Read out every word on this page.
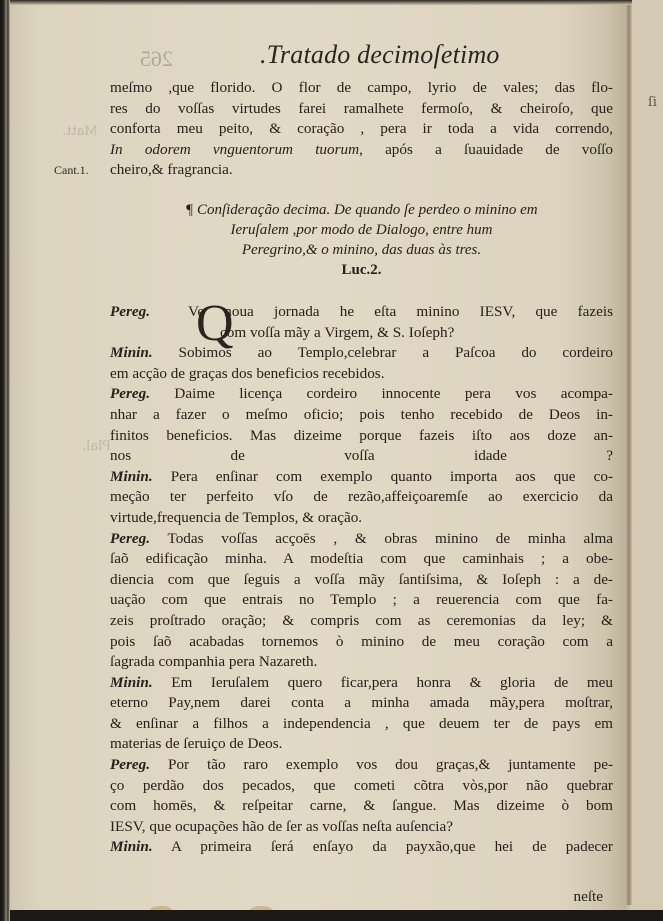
Matt.
Plal.
ſi
265	.Tratado decimoſetimo
Cant.1.
meſmo ,que florido. O flor de campo, lyrio de vales; das flo-
res do voſſas virtudes farei ramalhete fermoſo, & cheiroſo, que
conforta meu peito, & coração , pera ir toda a vida correndo,
In odorem vnguentorum tuorum, após a ſuauidade de voſſo
cheiro,& fragrancia.
¶ Conſideração decima. De quando ſe perdeo o minino em
Ieruſalem ,por modo de Dialogo, entre hum
Peregrino,& o minino, das duas às tres.
Luc.2.
Q
Pereg.    Ve noua jornada he eſta minino IESV, que fazeis
com voſſa mãy a Virgem, & S. Ioſeph?
Minin. Sobimos ao Templo,celebrar a Paſcoa do cordeiro
em acção de graças dos beneficios recebidos.
Pereg. Daime licença cordeiro innocente pera vos acompa-
nhar a fazer o meſmo oficio; pois tenho recebido de Deos in-
finitos beneficios. Mas dizeime porque fazeis iſto aos doze an-
nos de voſſa idade ?
Minin. Pera enſinar com exemplo quanto importa aos que co-
meção ter perfeito vſo de rezão,affeiçoaremſe ao exercicio da
virtude,frequencia de Templos, & oração.
Pereg. Todas voſſas acçoēs , & obras minino de minha alma
ſaõ edificação minha. A modeſtia com que caminhais ; a obe-
diencia com que ſeguis a voſſa mãy ſantiſsima, & Ioſeph : a de-
uação com que entrais no Templo ; a reuerencia com que fa-
zeis proſtrado oração; & compris com as ceremonias da ley; &
pois ſaõ acabadas tornemos ò minino de meu coração com a
ſagrada companhia pera Nazareth.
Minin. Em Ieruſalem quero ficar,pera honra & gloria de meu
eterno Pay,nem darei conta a minha amada mãy,pera moſtrar,
& enſinar a filhos a independencia , que deuem ter de pays em
materias de ſeruiço de Deos.
Pereg. Por tão raro exemplo vos dou graças,& juntamente pe-
ço perdão dos pecados, que cometi cõtra vòs,por não quebrar
com homēs, & reſpeitar carne, & ſangue. Mas dizeime ò bom
IESV, que ocupações hão de ſer as voſſas neſta auſencia?
Minin. A primeira ſerá enſayo da payxão,que hei de padecer
neſte
